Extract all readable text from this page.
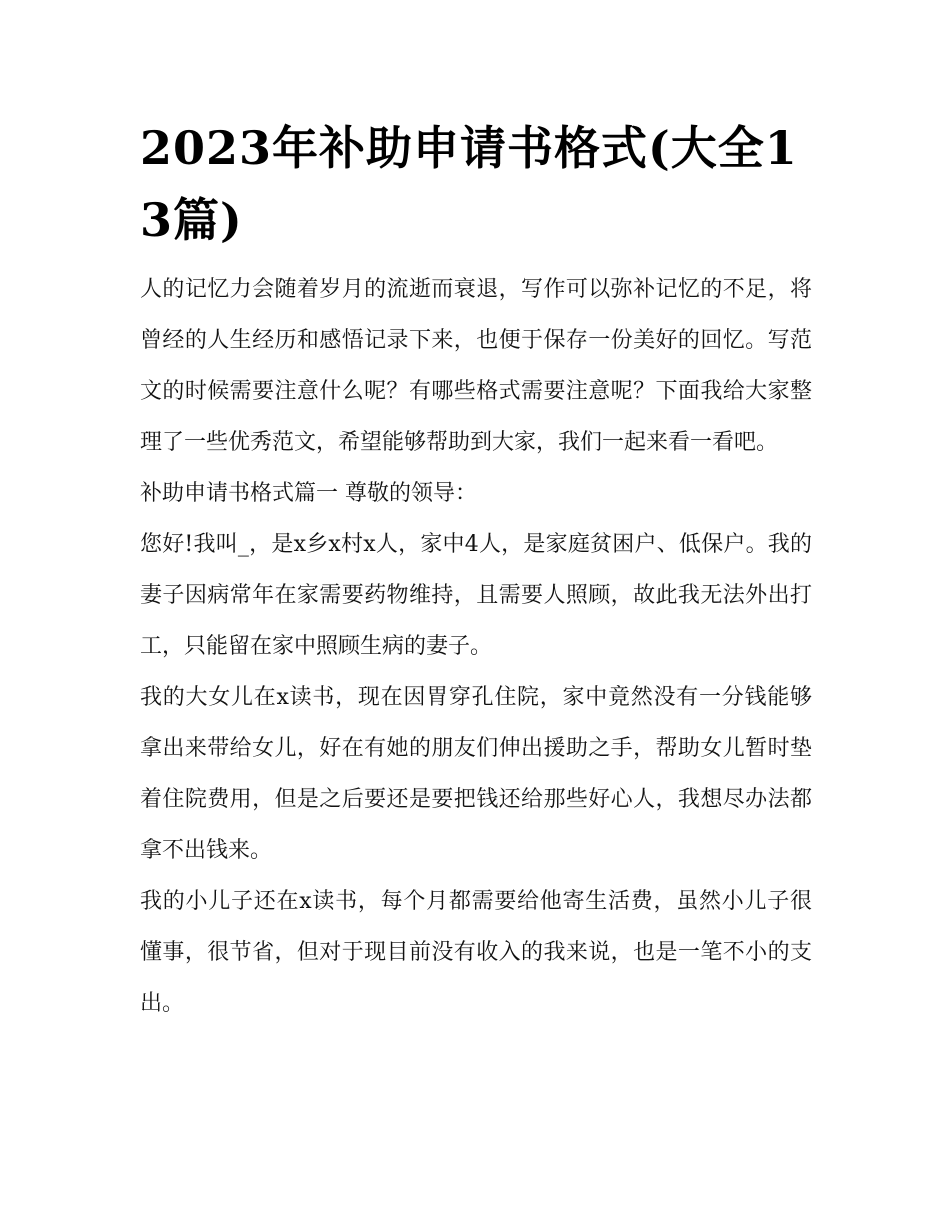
2023年补助申请书格式(大全13篇)

人的记忆力会随着岁月的流逝而衰退，写作可以弥补记忆的不足，将曾经的人生经历和感悟记录下来，也便于保存一份美好的回忆。写范文的时候需要注意什么呢？有哪些格式需要注意呢？下面我给大家整理了一些优秀范文，希望能够帮助到大家，我们一起来看一看吧。

补助申请书格式篇一 尊敬的领导：

您好!我叫_，是x乡x村x人，家中4人，是家庭贫困户、低保户。我的妻子因病常年在家需要药物维持，且需要人照顾，故此我无法外出打工，只能留在家中照顾生病的妻子。

我的大女儿在x读书，现在因胃穿孔住院，家中竟然没有一分钱能够拿出来带给女儿，好在有她的朋友们伸出援助之手，帮助女儿暂时垫着住院费用，但是之后要还是要把钱还给那些好心人，我想尽办法都拿不出钱来。

我的小儿子还在x读书，每个月都需要给他寄生活费，虽然小儿子很懂事，很节省，但对于现目前没有收入的我来说，也是一笔不小的支出。
